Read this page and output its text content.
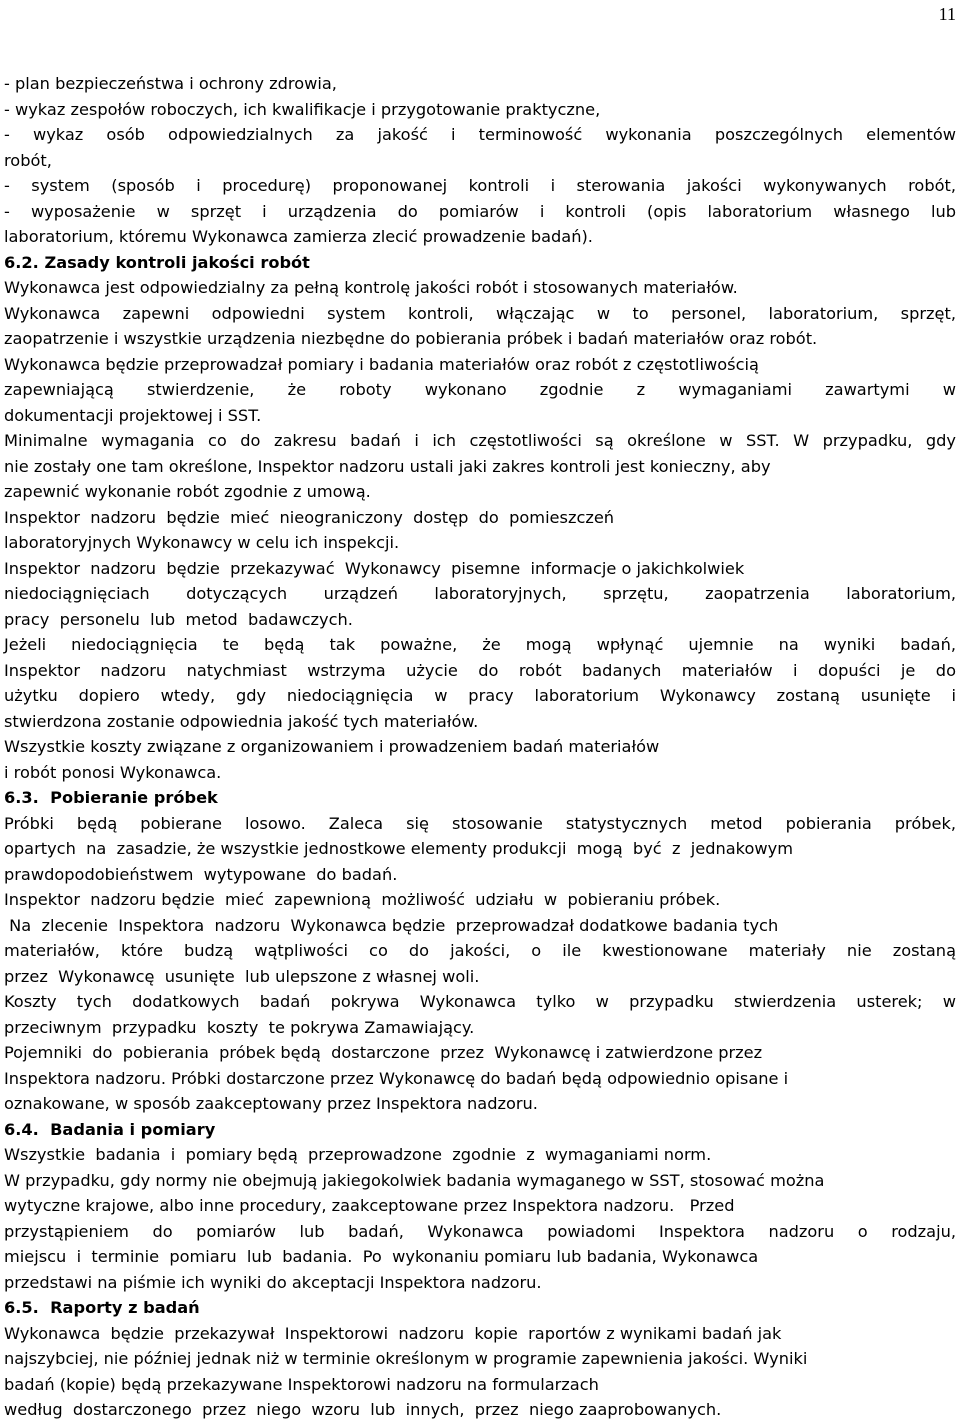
11

- plan bezpieczeństwa i ochrony zdrowia,

- wykaz zespołów roboczych, ich kwalifikacje i przygotowanie praktyczne,

- wykaz osób odpowiedzialnych za jakość i terminowość wykonania poszczególnych elementów

robót,

- system (sposób i procedurę) proponowanej kontroli i sterowania jakości wykonywanych robót,

- wyposażenie w sprzęt i urządzenia do pomiarów i kontroli (opis laboratorium własnego lub

laboratorium, któremu Wykonawca zamierza zlecić prowadzenie badań).

6.2. Zasady kontroli jakości robót

Wykonawca jest odpowiedzialny za pełną kontrolę jakości robót i stosowanych materiałów.

Wykonawca zapewni odpowiedni system kontroli, włączając w to personel, laboratorium, sprzęt,

zaopatrzenie i wszystkie urządzenia niezbędne do pobierania próbek i badań materiałów oraz robót.

Wykonawca będzie przeprowadzał pomiary i badania materiałów oraz robót z częstotliwością

zapewniającą stwierdzenie, że roboty wykonano zgodnie z wymaganiami zawartymi w

dokumentacji projektowej i SST.

Minimalne wymagania co do zakresu badań i ich częstotliwości są określone w SST. W przypadku, gdy

nie zostały one tam określone, Inspektor nadzoru ustali jaki zakres kontroli jest konieczny, aby

zapewnić wykonanie robót zgodnie z umową.

Inspektor  nadzoru  będzie  mieć  nieograniczony  dostęp  do  pomieszczeń

laboratoryjnych Wykonawcy w celu ich inspekcji.

Inspektor  nadzoru  będzie  przekazywać  Wykonawcy  pisemne  informacje o jakichkolwiek

niedociągnięciach dotyczących urządzeń laboratoryjnych, sprzętu, zaopatrzenia laboratorium,

pracy  personelu  lub  metod  badawczych.

Jeżeli niedociągnięcia te będą tak poważne, że mogą wpłynąć ujemnie na wyniki badań,

Inspektor nadzoru natychmiast wstrzyma użycie do robót badanych materiałów i dopuści je do

użytku dopiero wtedy, gdy niedociągnięcia w pracy laboratorium Wykonawcy zostaną usunięte i

stwierdzona zostanie odpowiednia jakość tych materiałów.

Wszystkie koszty związane z organizowaniem i prowadzeniem badań materiałów

i robót ponosi Wykonawca.

6.3.  Pobieranie próbek

Próbki będą pobierane losowo. Zaleca się stosowanie statystycznych metod pobierania próbek,

opartych  na  zasadzie, że wszystkie jednostkowe elementy produkcji  mogą  być  z  jednakowym

prawdopodobieństwem  wytypowane  do badań.

Inspektor  nadzoru będzie  mieć  zapewnioną  możliwość  udziału  w  pobieraniu próbek.

Na  zlecenie  Inspektora  nadzoru  Wykonawca będzie  przeprowadzał dodatkowe badania tych

materiałów, które budzą wątpliwości co do jakości, o ile kwestionowane materiały nie zostaną

przez  Wykonawcę  usunięte  lub ulepszone z własnej woli.

Koszty tych dodatkowych badań pokrywa Wykonawca tylko w przypadku stwierdzenia usterek; w

przeciwnym  przypadku  koszty  te pokrywa Zamawiający.

Pojemniki  do  pobierania  próbek będą  dostarczone  przez  Wykonawcę i zatwierdzone przez

Inspektora nadzoru. Próbki dostarczone przez Wykonawcę do badań będą odpowiednio opisane i

oznakowane, w sposób zaakceptowany przez Inspektora nadzoru.

6.4.  Badania i pomiary

Wszystkie  badania  i  pomiary będą  przeprowadzone  zgodnie  z  wymaganiami norm.

W przypadku, gdy normy nie obejmują jakiegokolwiek badania wymaganego w SST, stosować można

wytyczne krajowe, albo inne procedury, zaakceptowane przez Inspektora nadzoru.   Przed

przystąpieniem do pomiarów lub badań, Wykonawca powiadomi Inspektora nadzoru o rodzaju,

miejscu  i  terminie  pomiaru  lub  badania.  Po  wykonaniu pomiaru lub badania, Wykonawca

przedstawi na piśmie ich wyniki do akceptacji Inspektora nadzoru.

6.5.  Raporty z badań

Wykonawca  będzie  przekazywał  Inspektorowi  nadzoru  kopie  raportów z wynikami badań jak

najszybciej, nie później jednak niż w terminie określonym w programie zapewnienia jakości. Wyniki

badań (kopie) będą przekazywane Inspektorowi nadzoru na formularzach

według  dostarczonego  przez  niego  wzoru  lub  innych,  przez  niego zaaprobowanych.
